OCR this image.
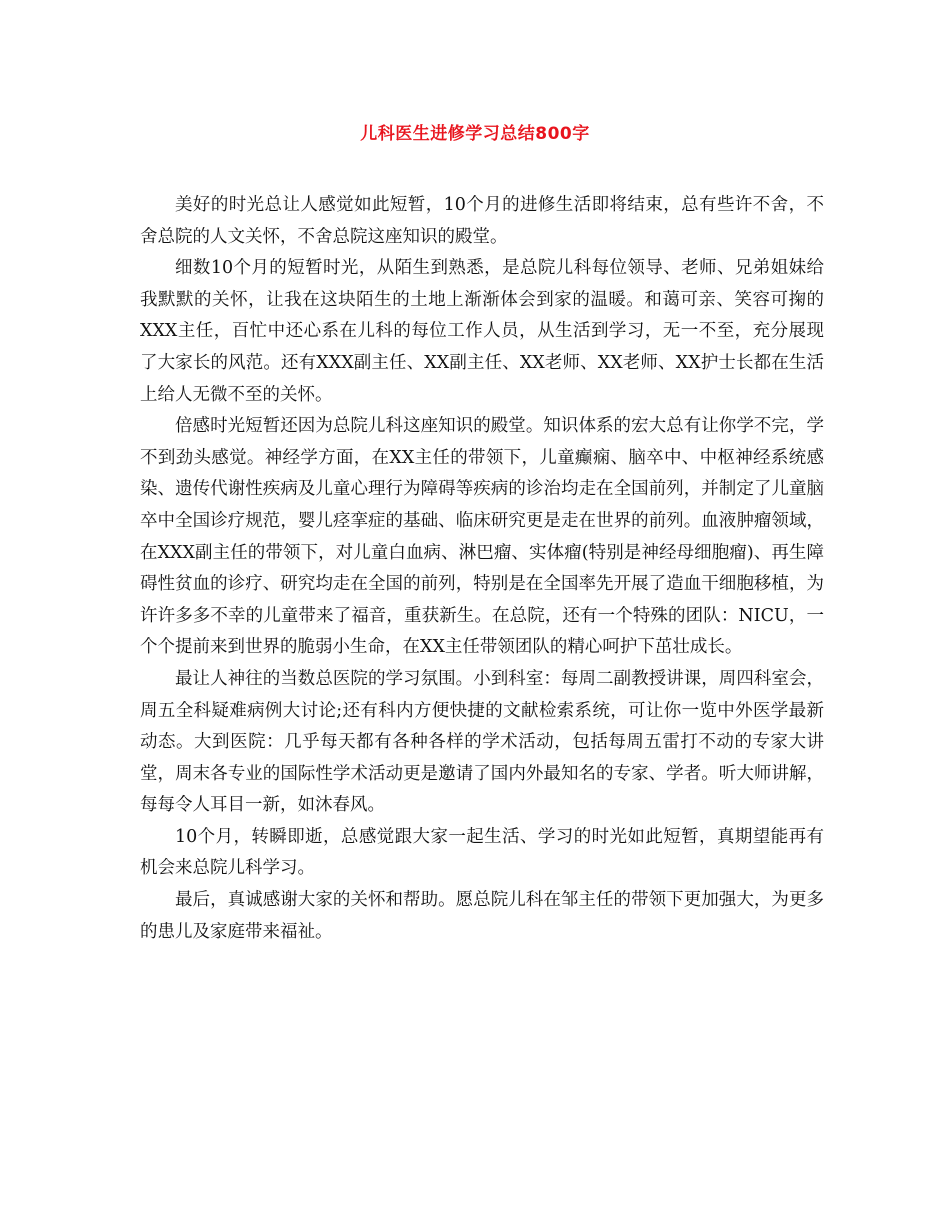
儿科医生进修学习总结800字

美好的时光总让人感觉如此短暂，10个月的进修生活即将结束，总有些许不舍，不舍总院的人文关怀，不舍总院这座知识的殿堂。

细数10个月的短暂时光，从陌生到熟悉，是总院儿科每位领导、老师、兄弟姐妹给我默默的关怀，让我在这块陌生的土地上渐渐体会到家的温暖。和蔼可亲、笑容可掬的XXX主任，百忙中还心系在儿科的每位工作人员，从生活到学习，无一不至，充分展现了大家长的风范。还有XXX副主任、XX副主任、XX老师、XX老师、XX护士长都在生活上给人无微不至的关怀。

倍感时光短暂还因为总院儿科这座知识的殿堂。知识体系的宏大总有让你学不完，学不到劲头感觉。神经学方面，在XX主任的带领下，儿童癫痫、脑卒中、中枢神经系统感染、遗传代谢性疾病及儿童心理行为障碍等疾病的诊治均走在全国前列，并制定了儿童脑卒中全国诊疗规范，婴儿痉挛症的基础、临床研究更是走在世界的前列。血液肿瘤领域，在XXX副主任的带领下，对儿童白血病、淋巴瘤、实体瘤(特别是神经母细胞瘤)、再生障碍性贫血的诊疗、研究均走在全国的前列，特别是在全国率先开展了造血干细胞移植，为许许多多不幸的儿童带来了福音，重获新生。在总院，还有一个特殊的团队：NICU，一个个提前来到世界的脆弱小生命，在XX主任带领团队的精心呵护下茁壮成长。

最让人神往的当数总医院的学习氛围。小到科室：每周二副教授讲课，周四科室会，周五全科疑难病例大讨论;还有科内方便快捷的文献检索系统，可让你一览中外医学最新动态。大到医院：几乎每天都有各种各样的学术活动，包括每周五雷打不动的专家大讲堂，周末各专业的国际性学术活动更是邀请了国内外最知名的专家、学者。听大师讲解，每每令人耳目一新，如沐春风。

10个月，转瞬即逝，总感觉跟大家一起生活、学习的时光如此短暂，真期望能再有机会来总院儿科学习。

最后，真诚感谢大家的关怀和帮助。愿总院儿科在邹主任的带领下更加强大，为更多的患儿及家庭带来福祉。
